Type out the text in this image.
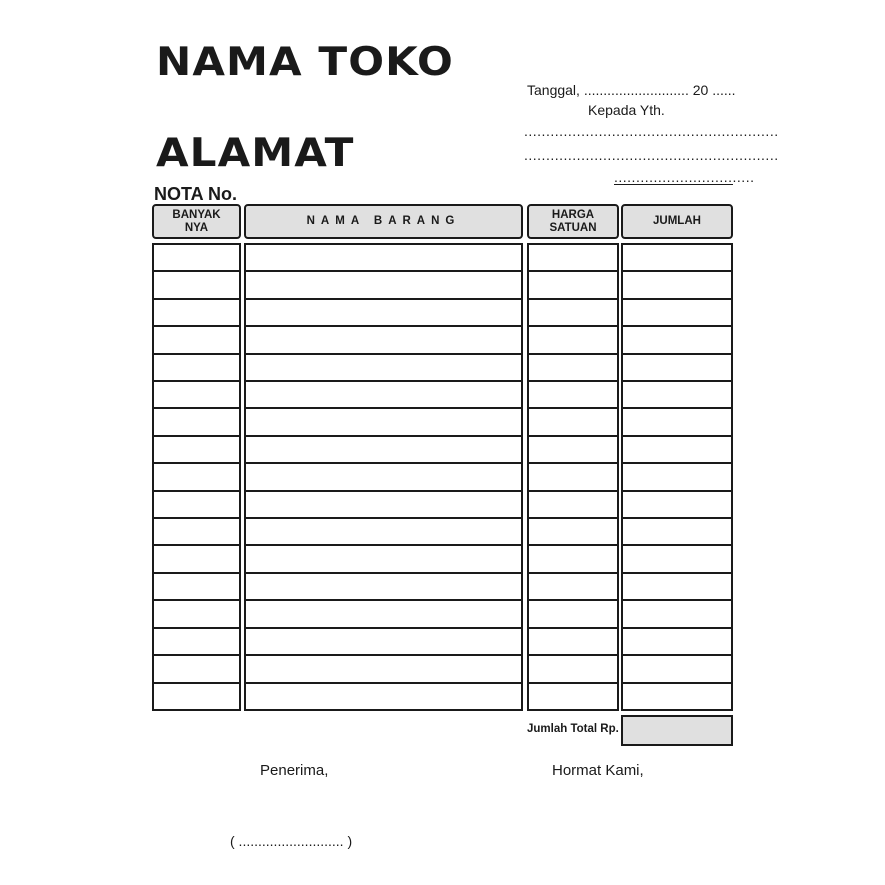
NAMA TOKO
ALAMAT
NOTA No.
Tanggal, ........................... 20 ......
Kepada Yth.
..........................................................
..........................................................
................................
BANYAK
NYA
NAMA BARANG
HARGA
SATUAN
JUMLAH
Jumlah Total Rp.
Penerima,	Hormat Kami,
( ........................... )
